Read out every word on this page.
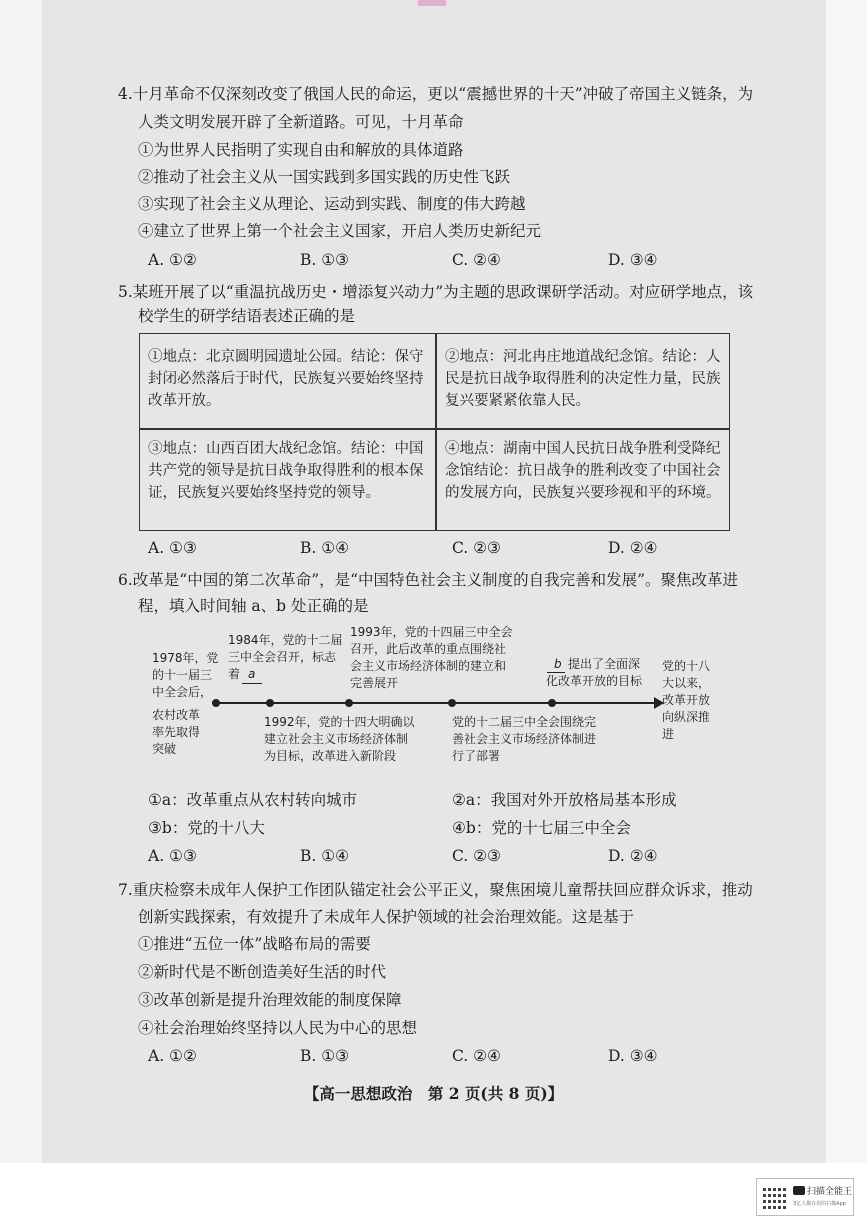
4.十月革命不仅深刻改变了俄国人民的命运，更以“震撼世界的十天”冲破了帝国主义链条，为
人类文明发展开辟了全新道路。可见，十月革命
①为世界人民指明了实现自由和解放的具体道路
②推动了社会主义从一国实践到多国实践的历史性飞跃
③实现了社会主义从理论、运动到实践、制度的伟大跨越
④建立了世界上第一个社会主义国家，开启人类历史新纪元
A. ①②	B. ①③	C. ②④	D. ③④
5.某班开展了以“重温抗战历史・增添复兴动力”为主题的思政课研学活动。对应研学地点，该
校学生的研学结语表述正确的是
①地点：北京圆明园遗址公园。结论：保守封闭必然落后于时代，民族复兴要始终坚持改革开放。
②地点：河北冉庄地道战纪念馆。结论：人民是抗日战争取得胜利的决定性力量，民族复兴要紧紧依靠人民。
③地点：山西百团大战纪念馆。结论：中国共产党的领导是抗日战争取得胜利的根本保证，民族复兴要始终坚持党的领导。
④地点：湖南中国人民抗日战争胜利受降纪念馆结论：抗日战争的胜利改变了中国社会的发展方向，民族复兴要珍视和平的环境。
A. ①③	B. ①④	C. ②③	D. ②④
6.改革是“中国的第二次革命”，是“中国特色社会主义制度的自我完善和发展”。聚焦改革进
程，填入时间轴 a、b 处正确的是
1978年，党
的十一届三
中全会后，
农村改革
率先取得
突破
1984年，党的十二届
三中全会召开，标志
着 a
1992年，党的十四大明确以
建立社会主义市场经济体制
为目标，改革进入新阶段
1993年，党的十四届三中全会
召开，此后改革的重点围绕社
会主义市场经济体制的建立和
完善展开
党的十二届三中全会围绕完
善社会主义市场经济体制进
行了部署
b 提出了全面深
化改革开放的目标
党的十八
大以来，
改革开放
向纵深推
进
①a：改革重点从农村转向城市	②a：我国对外开放格局基本形成
③b：党的十八大	④b：党的十七届三中全会
A. ①③	B. ①④	C. ②③	D. ②④
7.重庆检察未成年人保护工作团队锚定社会公平正义，聚焦困境儿童帮扶回应群众诉求，推动
创新实践探索，有效提升了未成年人保护领域的社会治理效能。这是基于
①推进“五位一体”战略布局的需要
②新时代是不断创造美好生活的时代
③改革创新是提升治理效能的制度保障
④社会治理始终坚持以人民为中心的思想
A. ①②	B. ①③	C. ②④	D. ③④
【高一思想政治　第 2 页(共 8 页)】
扫描全能王
3亿人都在用的扫描App
